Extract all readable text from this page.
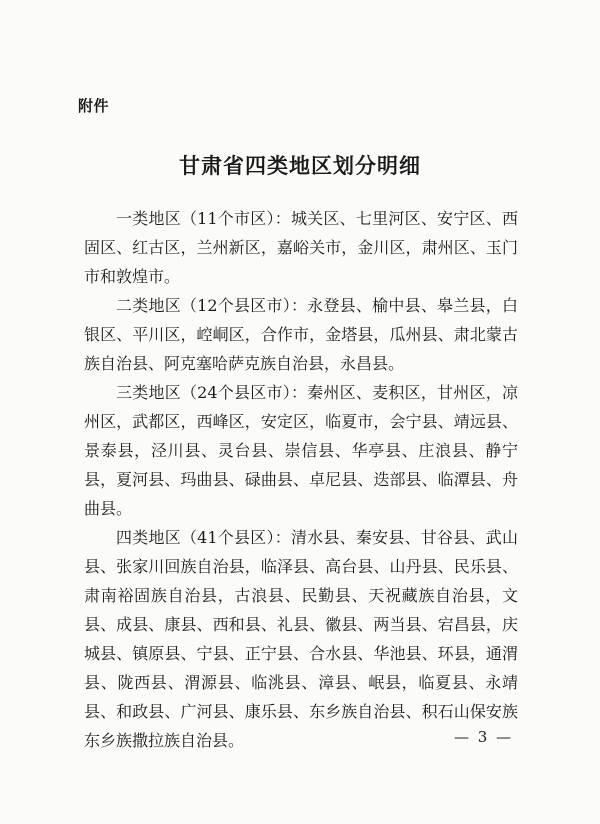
附件
甘肃省四类地区划分明细

一类地区（11个市区）：城关区、七里河区、安宁区、西固区、红古区，兰州新区，嘉峪关市，金川区，肃州区、玉门市和敦煌市。

二类地区（12个县区市）：永登县、榆中县、皋兰县，白银区、平川区，崆峒区，合作市，金塔县，瓜州县、肃北蒙古族自治县、阿克塞哈萨克族自治县，永昌县。

三类地区（24个县区市）：秦州区、麦积区，甘州区，凉州区，武都区，西峰区，安定区，临夏市，会宁县、靖远县、景泰县，泾川县、灵台县、崇信县、华亭县、庄浪县、静宁县，夏河县、玛曲县、碌曲县、卓尼县、迭部县、临潭县、舟曲县。

四类地区（41个县区）：清水县、秦安县、甘谷县、武山县、张家川回族自治县，临泽县、高台县、山丹县、民乐县、肃南裕固族自治县，古浪县、民勤县、天祝藏族自治县，文县、成县、康县、西和县、礼县、徽县、两当县、宕昌县，庆城县、镇原县、宁县、正宁县、合水县、华池县、环县，通渭县、陇西县、渭源县、临洮县、漳县、岷县，临夏县、永靖县、和政县、广河县、康乐县、东乡族自治县、积石山保安族东乡族撒拉族自治县。	— 3 —
